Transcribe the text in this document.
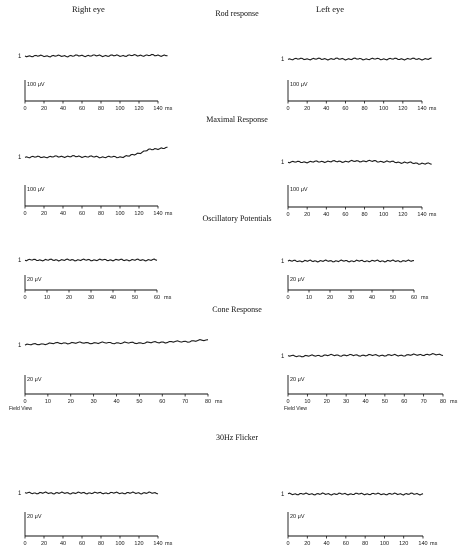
Right eye	Left eye
Rod response
Maximal Response
Oscillatory Potentials
Cone Response
30Hz Flicker
Field View	Field View
1
100 μV
0	20 40 60 80 100 120 140 ms
1
100 μV
0	20 40 60 80 100 120 140 ms
1
100 μV
0	20 40 60 80 100 120 140 ms
1
100 μV
0	20 40 60 80 100 120 140 ms
1
20 μV
0	10	20	30	40	50	60 ms
1
20 μV
0	10	20	30	40	50	60 ms
1
20 μV
0	10	20	30	40	50	60	70	80 ms
1
20 μV
0	10 20 30 40 50 60 70 80 ms
1
20 μV
0	20 40 60 80 100 120 140 ms
1
20 μV
0	20 40 60 80 100 120 140 ms
